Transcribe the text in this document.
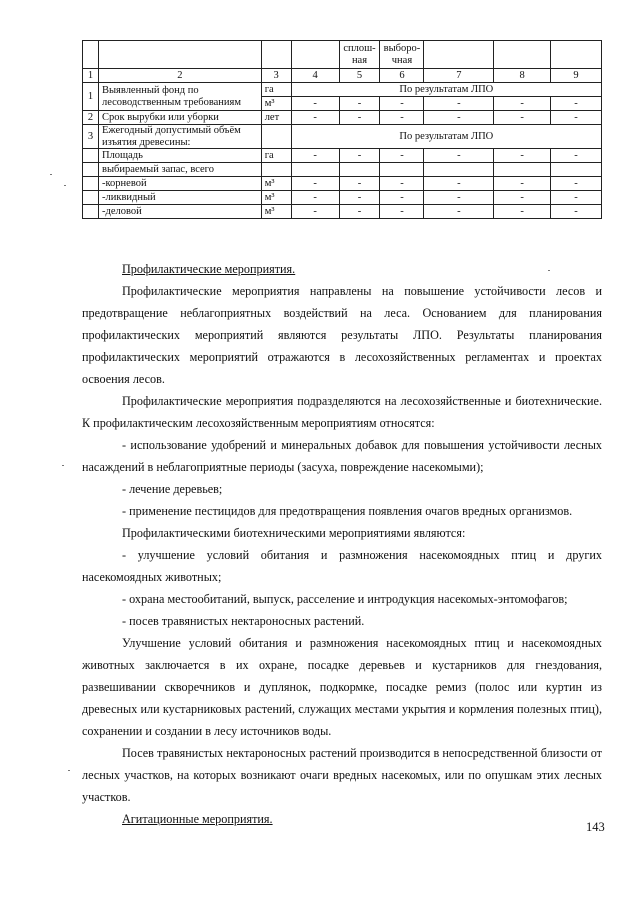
				сплош-ная	выборо-чная			
1	2	3	4	5	6	7	8	9
1	Выявленный фонд по лесоводственным требованиям	га	По результатам ЛПО					
		м³	-	-	-	-	-	-
2	Срок вырубки или уборки	лет	-	-	-	-	-	-
3	Ежегодный допустимый объём изъятия древесины:		По результатам ЛПО					
	Площадь	га	-	-	-	-	-	-
	выбираемый запас, всего							
	-корневой	м³	-	-	-	-	-	-
	-ликвидный	м³	-	-	-	-	-	-
	-деловой	м³	-	-	-	-	-	-

Профилактические мероприятия.

Профилактические мероприятия направлены на повышение устойчивости лесов и предотвращение неблагоприятных воздействий на леса. Основанием для планирования профилактических мероприятий являются результаты ЛПО. Результаты планирования профилактических мероприятий отражаются в лесохозяйственных регламентах и проектах освоения лесов.

Профилактические мероприятия подразделяются на лесохозяйственные и биотехнические. К профилактическим лесохозяйственным мероприятиям относятся:

- использование удобрений и минеральных добавок для повышения устойчивости лесных насаждений в неблагоприятные периоды (засуха, повреждение насекомыми);

- лечение деревьев;

- применение пестицидов для предотвращения появления очагов вредных организмов.

Профилактическими биотехническими мероприятиями являются:

- улучшение условий обитания и размножения насекомоядных птиц и других насекомоядных животных;

- охрана местообитаний, выпуск, расселение и интродукция насекомых-энтомофагов;

- посев травянистых нектароносных растений.

Улучшение условий обитания и размножения насекомоядных птиц и насекомоядных животных заключается в их охране, посадке деревьев и кустарников для гнездования, развешивании скворечников и дуплянок, подкормке, посадке ремиз (полос или куртин из древесных или кустарниковых растений, служащих местами укрытия и кормления полезных птиц), сохранении и создании в лесу источников воды.

Посев травянистых нектароносных растений производится в непосредственной близости от лесных участков, на которых возникают очаги вредных насекомых, или по опушкам этих лесных участков.

Агитационные мероприятия.

143
